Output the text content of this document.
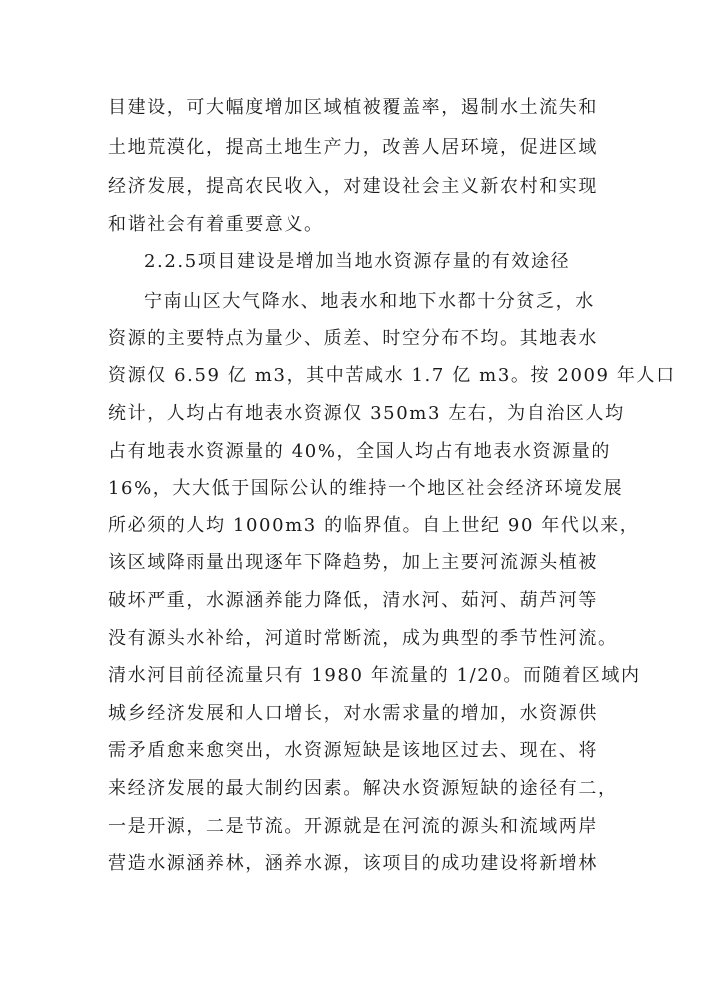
目建设，可大幅度增加区域植被覆盖率，遏制水土流失和
土地荒漠化，提高土地生产力，改善人居环境，促进区域
经济发展，提高农民收入，对建设社会主义新农村和实现
和谐社会有着重要意义。
2.2.5项目建设是增加当地水资源存量的有效途径
宁南山区大气降水、地表水和地下水都十分贫乏，水
资源的主要特点为量少、质差、时空分布不均。其地表水
资源仅 6.59 亿 m3，其中苦咸水 1.7 亿 m3。按 2009 年人口
统计，人均占有地表水资源仅 350m3 左右，为自治区人均
占有地表水资源量的 40%，全国人均占有地表水资源量的
16%，大大低于国际公认的维持一个地区社会经济环境发展
所必须的人均 1000m3 的临界值。自上世纪 90 年代以来，
该区域降雨量出现逐年下降趋势，加上主要河流源头植被
破坏严重，水源涵养能力降低，清水河、茹河、葫芦河等
没有源头水补给，河道时常断流，成为典型的季节性河流。
清水河目前径流量只有 1980 年流量的 1/20。而随着区域内
城乡经济发展和人口增长，对水需求量的增加，水资源供
需矛盾愈来愈突出，水资源短缺是该地区过去、现在、将
来经济发展的最大制约因素。解决水资源短缺的途径有二，
一是开源，二是节流。开源就是在河流的源头和流域两岸
营造水源涵养林，涵养水源，该项目的成功建设将新增林
